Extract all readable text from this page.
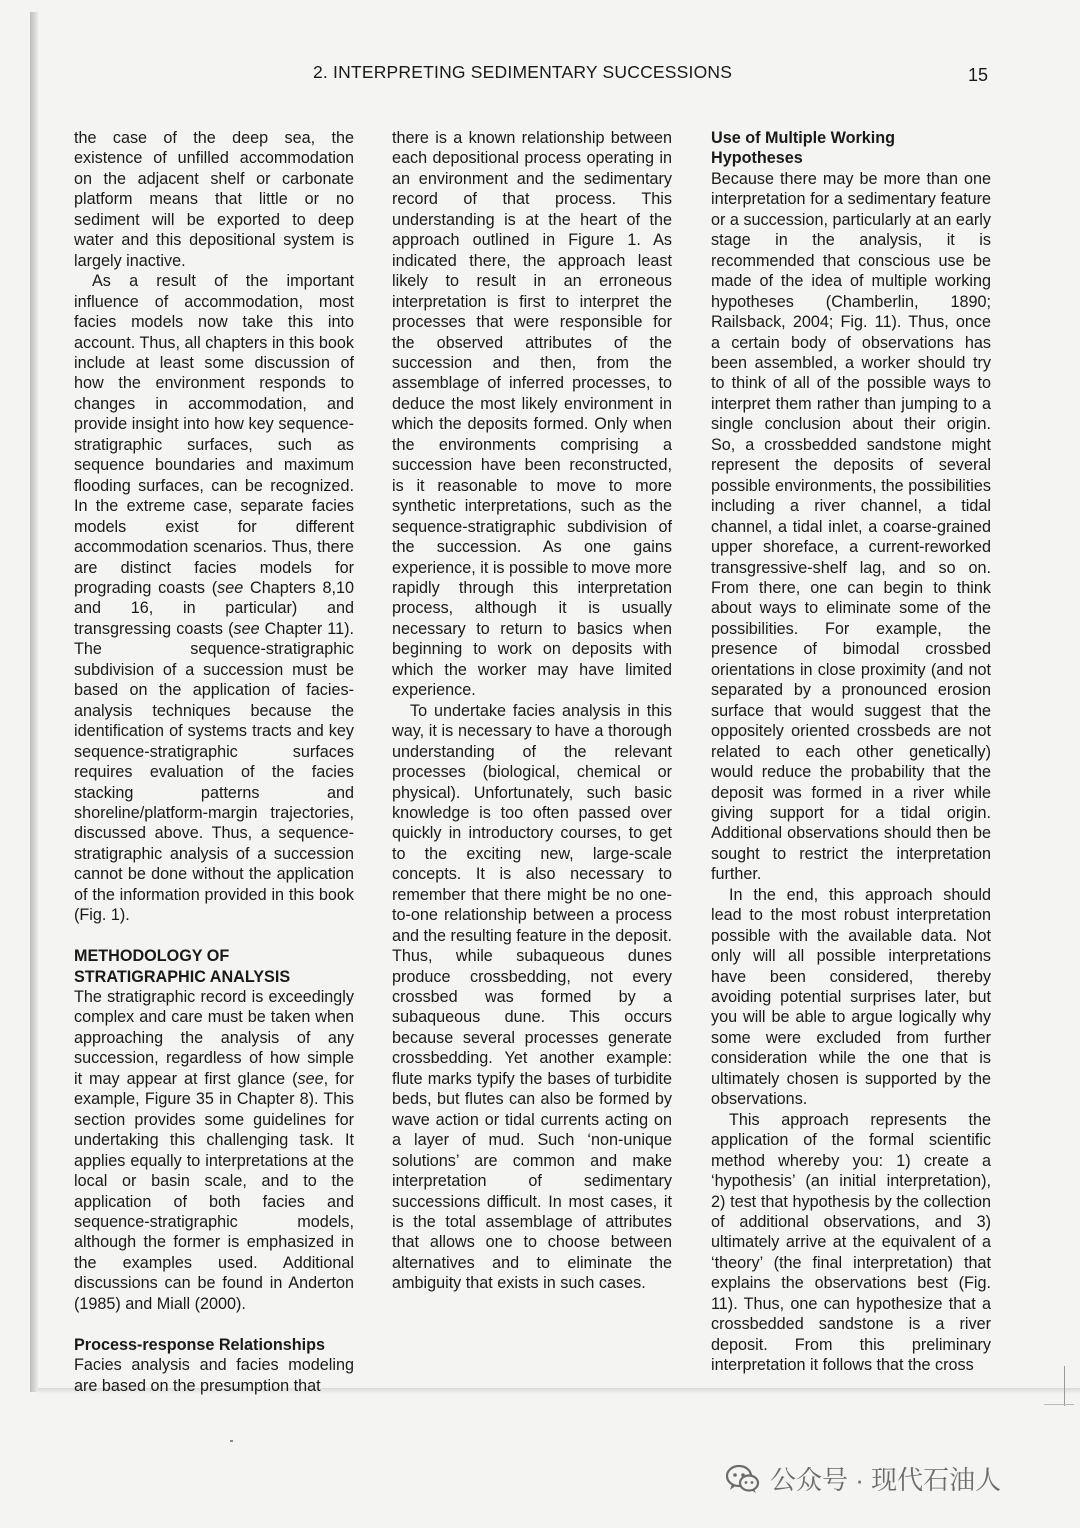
2. INTERPRETING SEDIMENTARY SUCCESSIONS	15

the case of the deep sea, the existence of unfilled accommodation on the adjacent shelf or carbonate platform means that little or no sediment will be exported to deep water and this depositional system is largely inactive.

As a result of the important influence of accommodation, most facies models now take this into account. Thus, all chapters in this book include at least some discussion of how the environment responds to changes in accommodation, and provide insight into how key sequence-stratigraphic surfaces, such as sequence boundaries and maximum flooding surfaces, can be recognized. In the extreme case, separate facies models exist for different accommodation scenarios. Thus, there are distinct facies models for prograding coasts (see Chapters 8,10 and 16, in particular) and transgressing coasts (see Chapter 11). The sequence-stratigraphic subdivision of a succession must be based on the application of facies-analysis techniques because the identification of systems tracts and key sequence-stratigraphic surfaces requires evaluation of the facies stacking patterns and shoreline/platform-margin trajectories, discussed above. Thus, a sequence-stratigraphic analysis of a succession cannot be done without the application of the information provided in this book (Fig. 1).

METHODOLOGY OF STRATIGRAPHIC ANALYSIS

The stratigraphic record is exceedingly complex and care must be taken when approaching the analysis of any succession, regardless of how simple it may appear at first glance (see, for example, Figure 35 in Chapter 8). This section provides some guidelines for undertaking this challenging task. It applies equally to interpretations at the local or basin scale, and to the application of both facies and sequence-stratigraphic models, although the former is emphasized in the examples used. Additional discussions can be found in Anderton (1985) and Miall (2000).

Process-response Relationships

Facies analysis and facies modeling are based on the presumption that

there is a known relationship between each depositional process operating in an environment and the sedimentary record of that process. This understanding is at the heart of the approach outlined in Figure 1. As indicated there, the approach least likely to result in an erroneous interpretation is first to interpret the processes that were responsible for the observed attributes of the succession and then, from the assemblage of inferred processes, to deduce the most likely environment in which the deposits formed. Only when the environments comprising a succession have been reconstructed, is it reasonable to move to more synthetic interpretations, such as the sequence-stratigraphic subdivision of the succession. As one gains experience, it is possible to move more rapidly through this interpretation process, although it is usually necessary to return to basics when beginning to work on deposits with which the worker may have limited experience.

To undertake facies analysis in this way, it is necessary to have a thorough understanding of the relevant processes (biological, chemical or physical). Unfortunately, such basic knowledge is too often passed over quickly in introductory courses, to get to the exciting new, large-scale concepts. It is also necessary to remember that there might be no one-to-one relationship between a process and the resulting feature in the deposit. Thus, while subaqueous dunes produce crossbedding, not every crossbed was formed by a subaqueous dune. This occurs because several processes generate crossbedding. Yet another example: flute marks typify the bases of turbidite beds, but flutes can also be formed by wave action or tidal currents acting on a layer of mud. Such ‘non-unique solutions’ are common and make interpretation of sedimentary successions difficult. In most cases, it is the total assemblage of attributes that allows one to choose between alternatives and to eliminate the ambiguity that exists in such cases.

Use of Multiple Working Hypotheses

Because there may be more than one interpretation for a sedimentary feature or a succession, particularly at an early stage in the analysis, it is recommended that conscious use be made of the idea of multiple working hypotheses (Chamberlin, 1890; Railsback, 2004; Fig. 11). Thus, once a certain body of observations has been assembled, a worker should try to think of all of the possible ways to interpret them rather than jumping to a single conclusion about their origin. So, a crossbedded sandstone might represent the deposits of several possible environments, the possibilities including a river channel, a tidal channel, a tidal inlet, a coarse-grained upper shoreface, a current-reworked transgressive-shelf lag, and so on. From there, one can begin to think about ways to eliminate some of the possibilities. For example, the presence of bimodal crossbed orientations in close proximity (and not separated by a pronounced erosion surface that would suggest that the oppositely oriented crossbeds are not related to each other genetically) would reduce the probability that the deposit was formed in a river while giving support for a tidal origin. Additional observations should then be sought to restrict the interpretation further.

In the end, this approach should lead to the most robust interpretation possible with the available data. Not only will all possible interpretations have been considered, thereby avoiding potential surprises later, but you will be able to argue logically why some were excluded from further consideration while the one that is ultimately chosen is supported by the observations.

This approach represents the application of the formal scientific method whereby you: 1) create a ‘hypothesis’ (an initial interpretation), 2) test that hypothesis by the collection of additional observations, and 3) ultimately arrive at the equivalent of a ‘theory’ (the final interpretation) that explains the observations best (Fig. 11). Thus, one can hypothesize that a crossbedded sandstone is a river deposit. From this preliminary interpretation it follows that the cross

公众号 · 现代石油人
